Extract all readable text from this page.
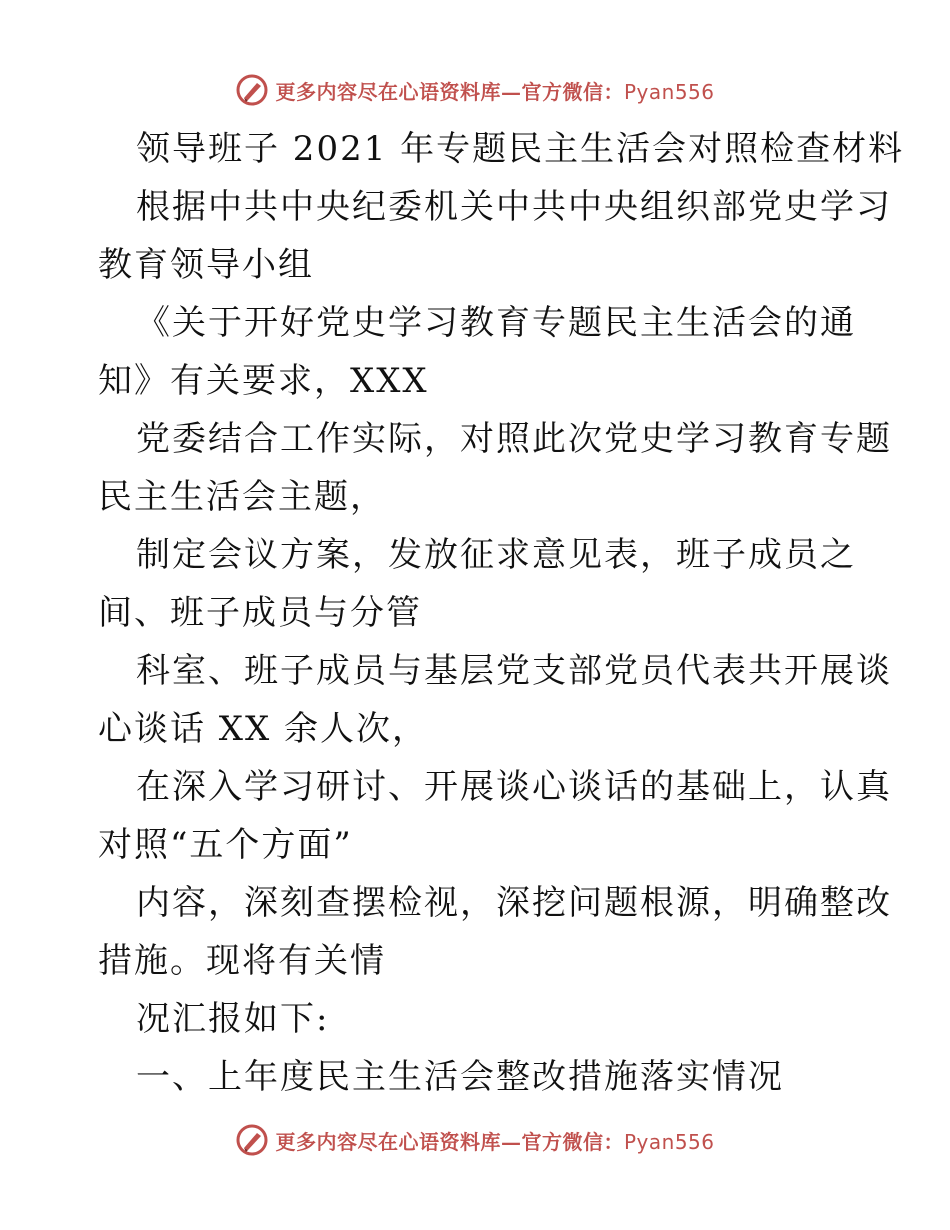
更多内容尽在心语资料库—官方微信：Pyan556
领导班子 2021 年专题民主生活会对照检查材料
根据中共中央纪委机关中共中央组织部党史学习
教育领导小组
《关于开好党史学习教育专题民主生活会的通
知》有关要求，XXX
党委结合工作实际，对照此次党史学习教育专题
民主生活会主题，
制定会议方案，发放征求意见表，班子成员之
间、班子成员与分管
科室、班子成员与基层党支部党员代表共开展谈
心谈话 XX 余人次，
在深入学习研讨、开展谈心谈话的基础上，认真
对照“五个方面”
内容，深刻查摆检视，深挖问题根源，明确整改
措施。现将有关情
况汇报如下:
一、上年度民主生活会整改措施落实情况
更多内容尽在心语资料库—官方微信：Pyan556
